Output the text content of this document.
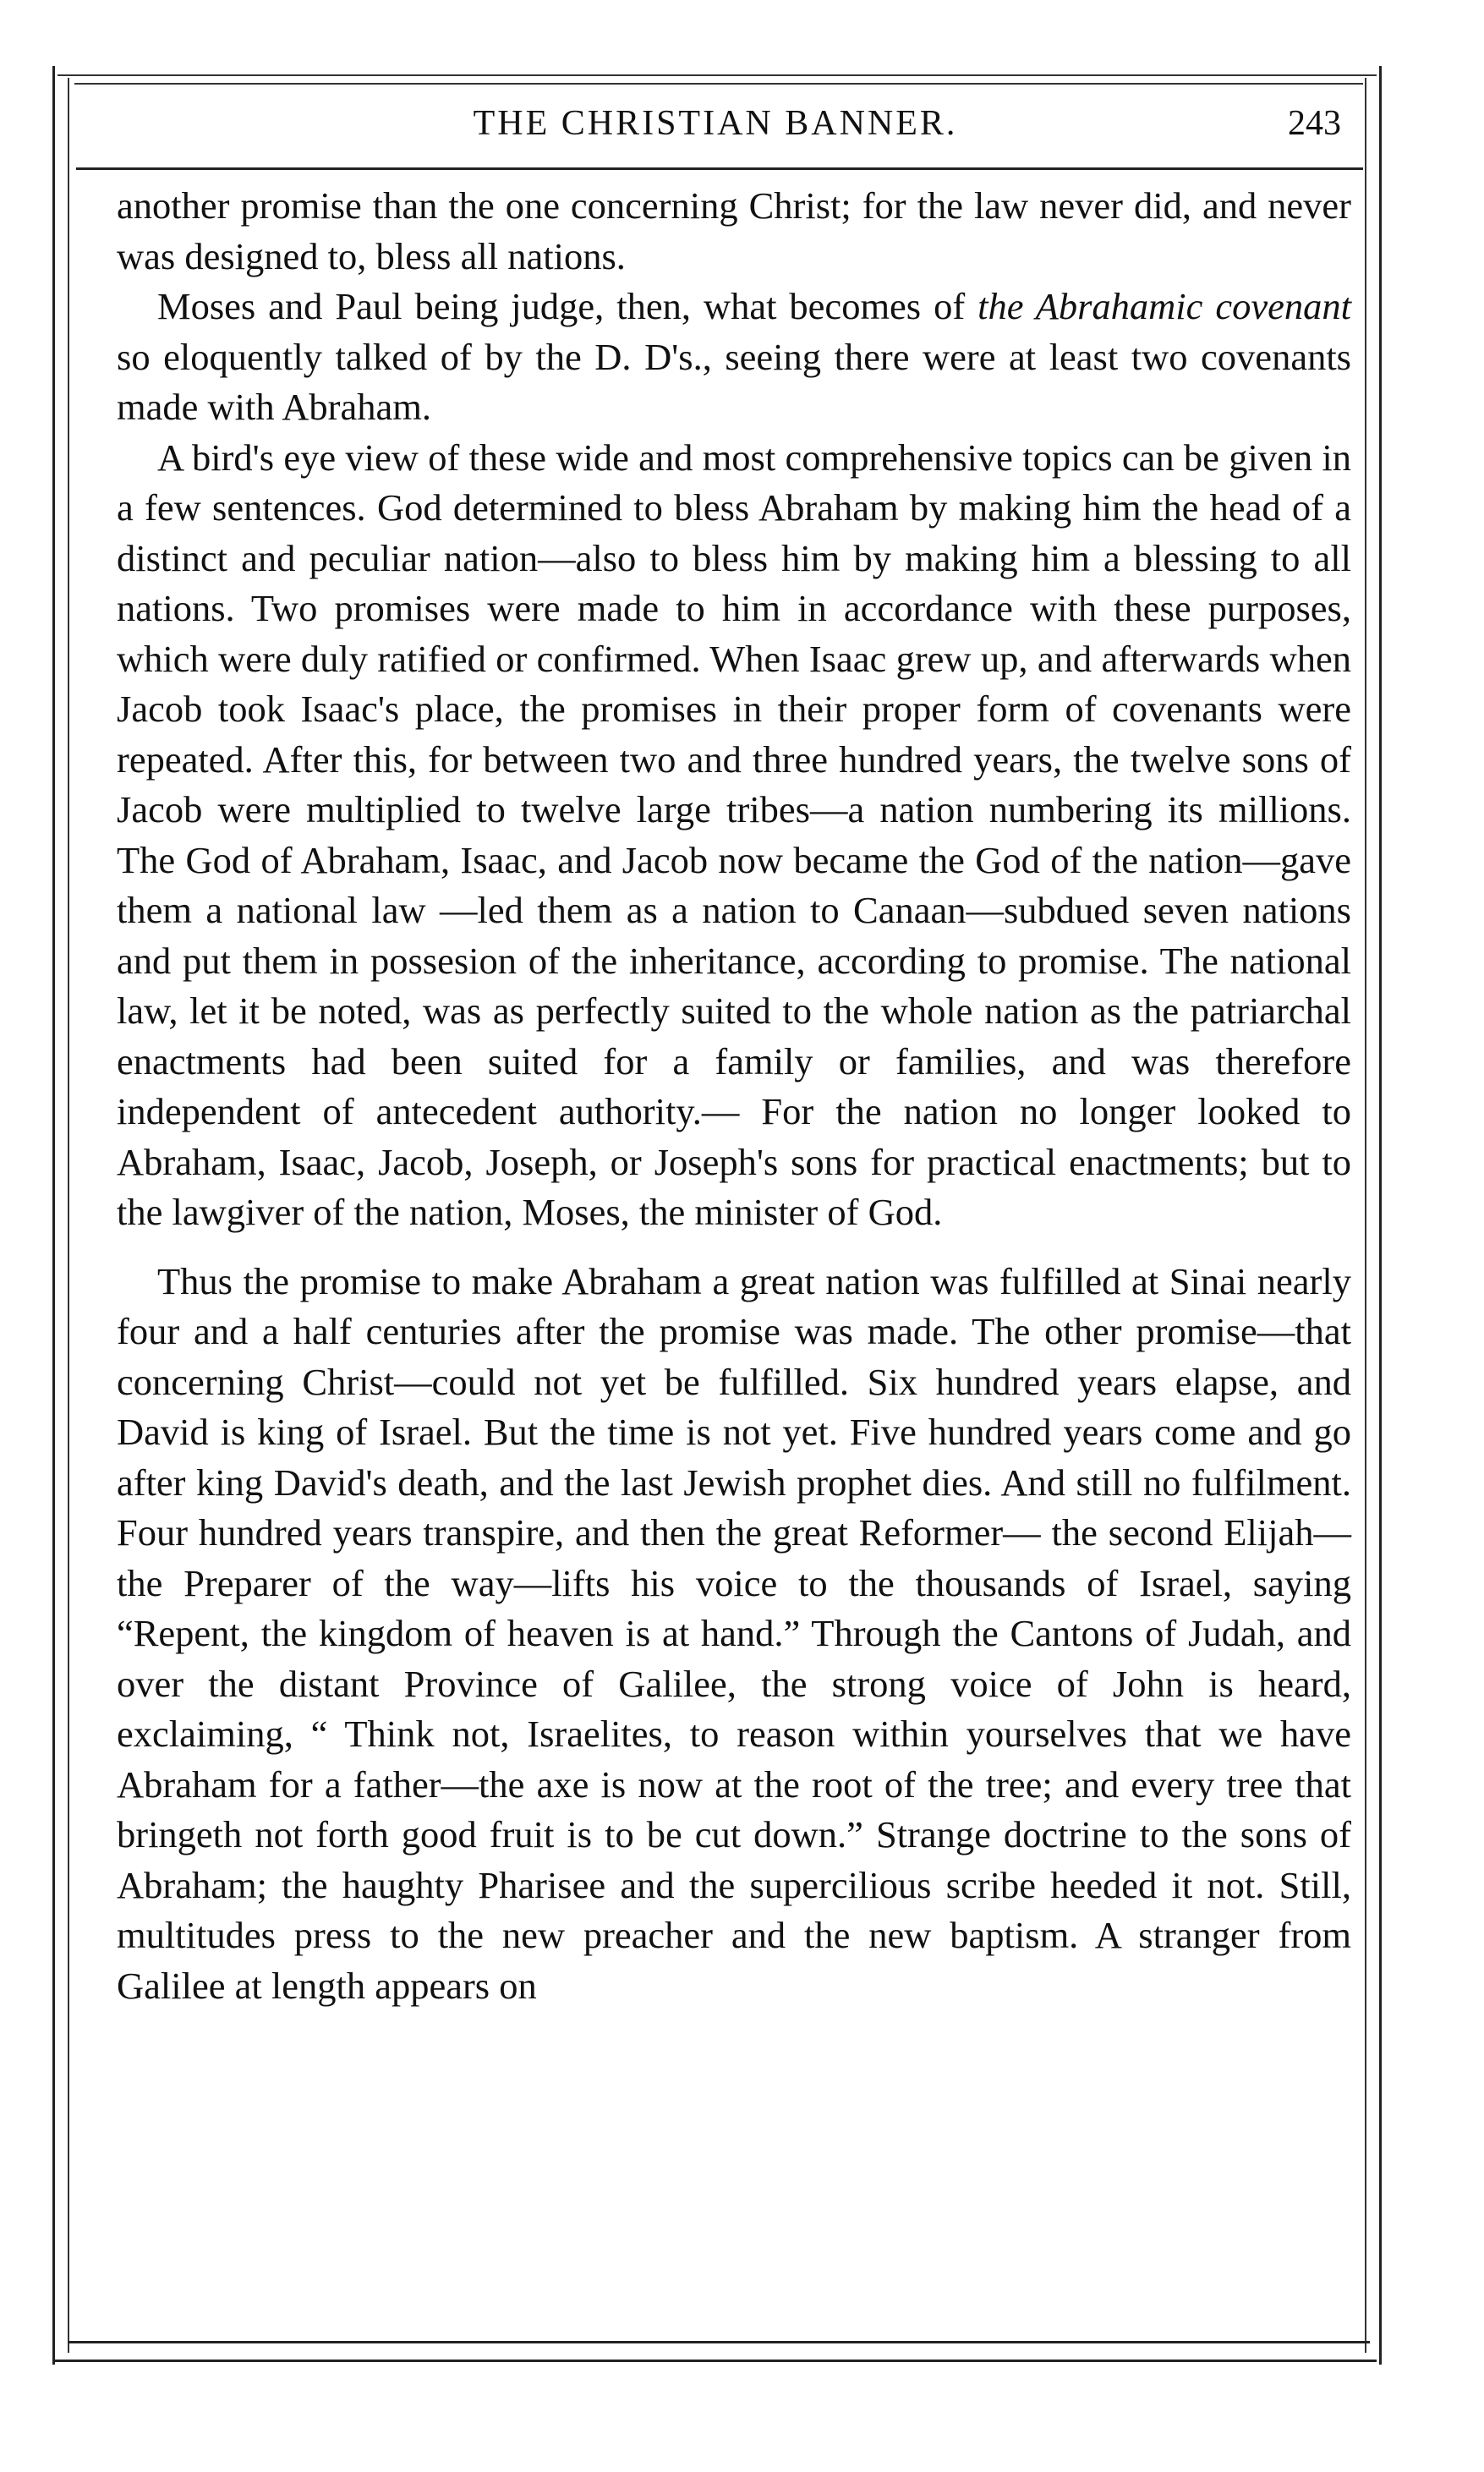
THE CHRISTIAN BANNER.	243

another promise than the one concerning Christ; for the law never did, and never was designed to, bless all nations.

Moses and Paul being judge, then, what becomes of the Abrahamic covenant so eloquently talked of by the D. D's., seeing there were at least two covenants made with Abraham.

A bird's eye view of these wide and most comprehensive topics can be given in a few sentences. God determined to bless Abraham by making him the head of a distinct and peculiar nation—also to bless him by making him a blessing to all nations. Two promises were made to him in accordance with these purposes, which were duly ratified or confirmed. When Isaac grew up, and afterwards when Jacob took Isaac's place, the promises in their proper form of covenants were repeated. After this, for between two and three hundred years, the twelve sons of Jacob were multiplied to twelve large tribes—a nation numbering its millions. The God of Abraham, Isaac, and Jacob now became the God of the nation—gave them a national law —led them as a nation to Canaan—subdued seven nations and put them in possesion of the inheritance, according to promise. The national law, let it be noted, was as perfectly suited to the whole nation as the patriarchal enactments had been suited for a family or families, and was therefore independent of antecedent authority.— For the nation no longer looked to Abraham, Isaac, Jacob, Joseph, or Joseph's sons for practical enactments; but to the lawgiver of the nation, Moses, the minister of God.

Thus the promise to make Abraham a great nation was fulfilled at Sinai nearly four and a half centuries after the promise was made. The other promise—that concerning Christ—could not yet be fulfilled. Six hundred years elapse, and David is king of Israel. But the time is not yet. Five hundred years come and go after king David's death, and the last Jewish prophet dies. And still no fulfilment. Four hundred years transpire, and then the great Reformer— the second Elijah—the Preparer of the way—lifts his voice to the thousands of Israel, saying “Repent, the kingdom of heaven is at hand.” Through the Cantons of Judah, and over the distant Province of Galilee, the strong voice of John is heard, exclaiming, “ Think not, Israelites, to reason within yourselves that we have Abraham for a father—the axe is now at the root of the tree; and every tree that bringeth not forth good fruit is to be cut down.” Strange doctrine to the sons of Abraham; the haughty Pharisee and the supercilious scribe heeded it not. Still, multitudes press to the new preacher and the new baptism. A stranger from Galilee at length appears on
